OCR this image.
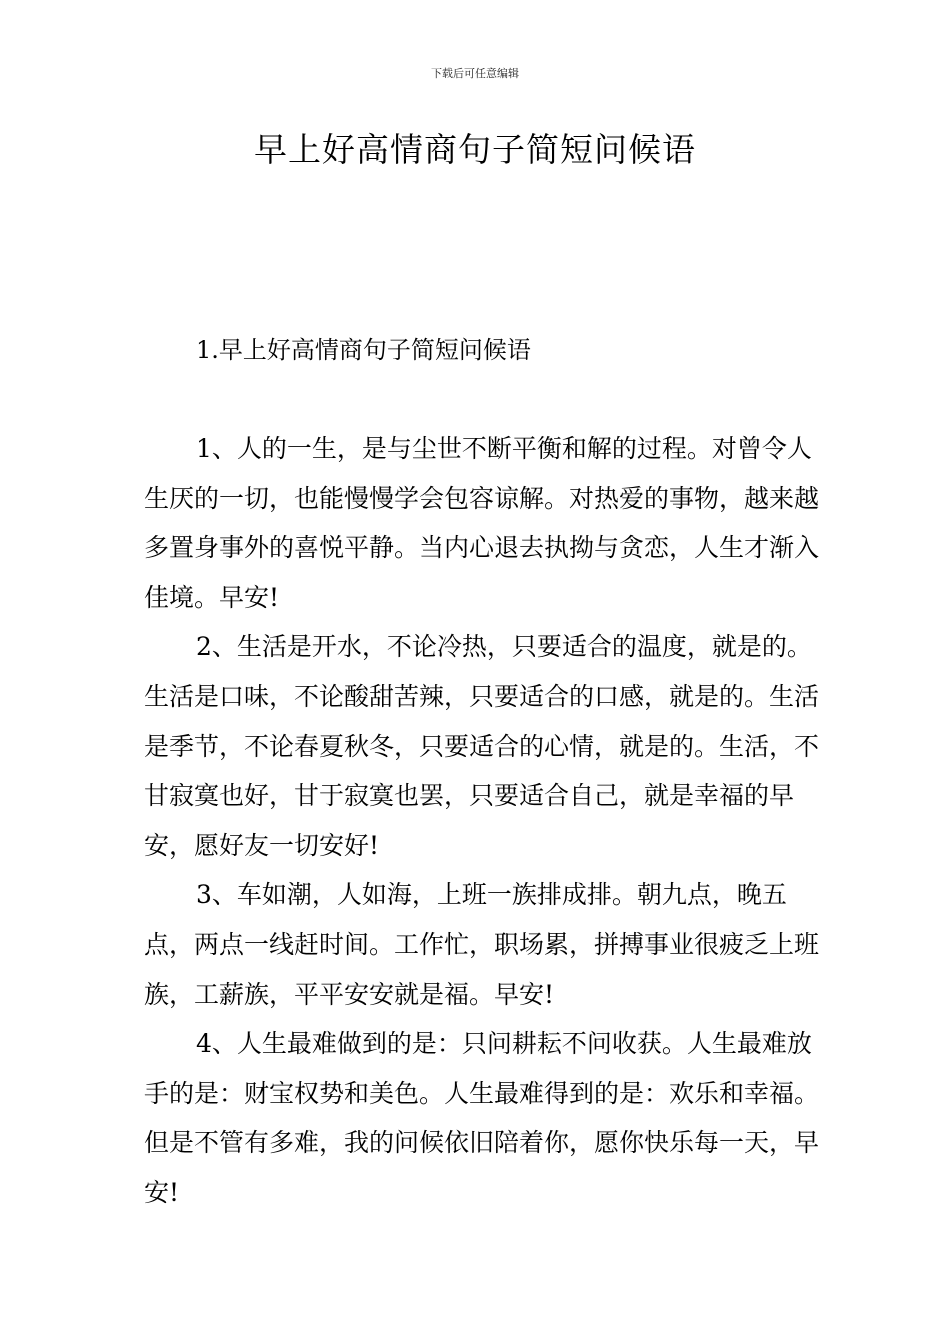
下载后可任意编辑
早上好高情商句子简短问候语
1.早上好高情商句子简短问候语

1、人的一生，是与尘世不断平衡和解的过程。对曾令人生厌的一切，也能慢慢学会包容谅解。对热爱的事物，越来越多置身事外的喜悦平静。当内心退去执拗与贪恋，人生才渐入佳境。早安!

2、生活是开水，不论冷热，只要适合的温度，就是的。生活是口味，不论酸甜苦辣，只要适合的口感，就是的。生活是季节，不论春夏秋冬，只要适合的心情，就是的。生活，不甘寂寞也好，甘于寂寞也罢，只要适合自己，就是幸福的早安，愿好友一切安好!

3、车如潮，人如海，上班一族排成排。朝九点，晚五点，两点一线赶时间。工作忙，职场累，拼搏事业很疲乏上班族，工薪族，平平安安就是福。早安!

4、人生最难做到的是：只问耕耘不问收获。人生最难放手的是：财宝权势和美色。人生最难得到的是：欢乐和幸福。但是不管有多难，我的问候依旧陪着你，愿你快乐每一天，早安!
